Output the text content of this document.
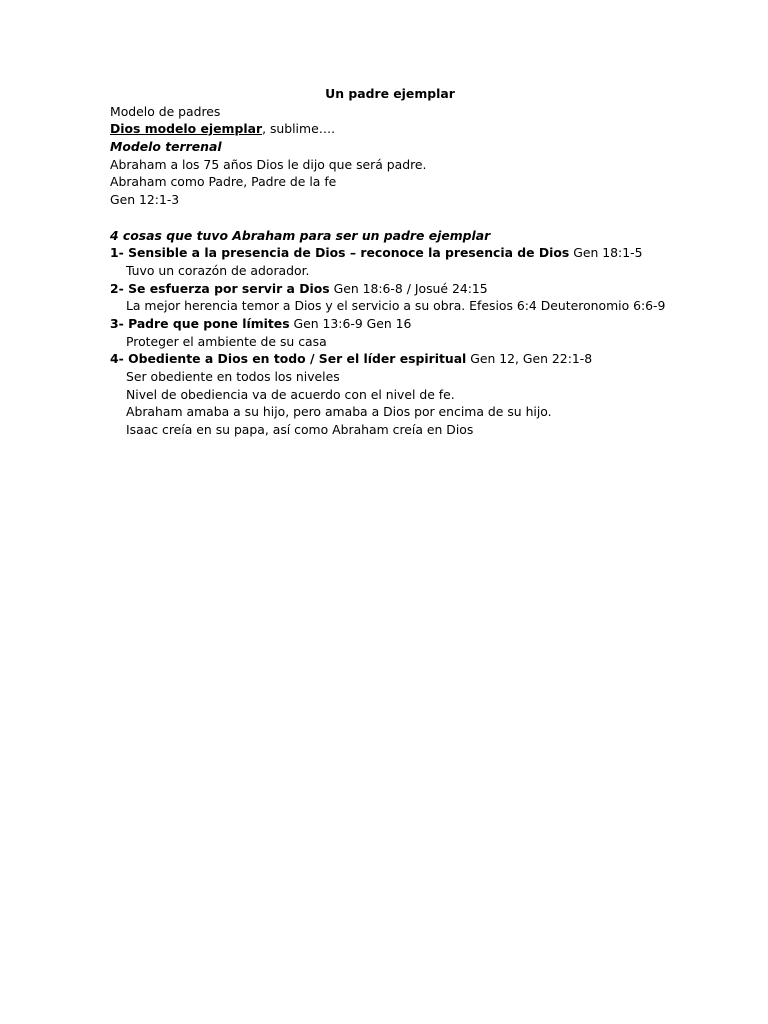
Un padre ejemplar
Modelo de padres
Dios modelo ejemplar, sublime….
Modelo terrenal
Abraham a los 75 años Dios le dijo que será padre.
Abraham como Padre, Padre de la fe
Gen 12:1-3
4 cosas que tuvo Abraham para ser un padre ejemplar
1- Sensible a la presencia de Dios – reconoce la presencia de Dios Gen 18:1-5
Tuvo un corazón de adorador.
2- Se esfuerza por servir a Dios Gen 18:6-8 / Josué 24:15
La mejor herencia temor a Dios y el servicio a su obra. Efesios 6:4 Deuteronomio 6:6-9
3- Padre que pone límites Gen 13:6-9 Gen 16
Proteger el ambiente de su casa
4- Obediente a Dios en todo / Ser el líder espiritual Gen 12, Gen 22:1-8
Ser obediente en todos los niveles
Nivel de obediencia va de acuerdo con el nivel de fe.
Abraham amaba a su hijo, pero amaba a Dios por encima de su hijo.
Isaac creía en su papa, así como Abraham creía en Dios
